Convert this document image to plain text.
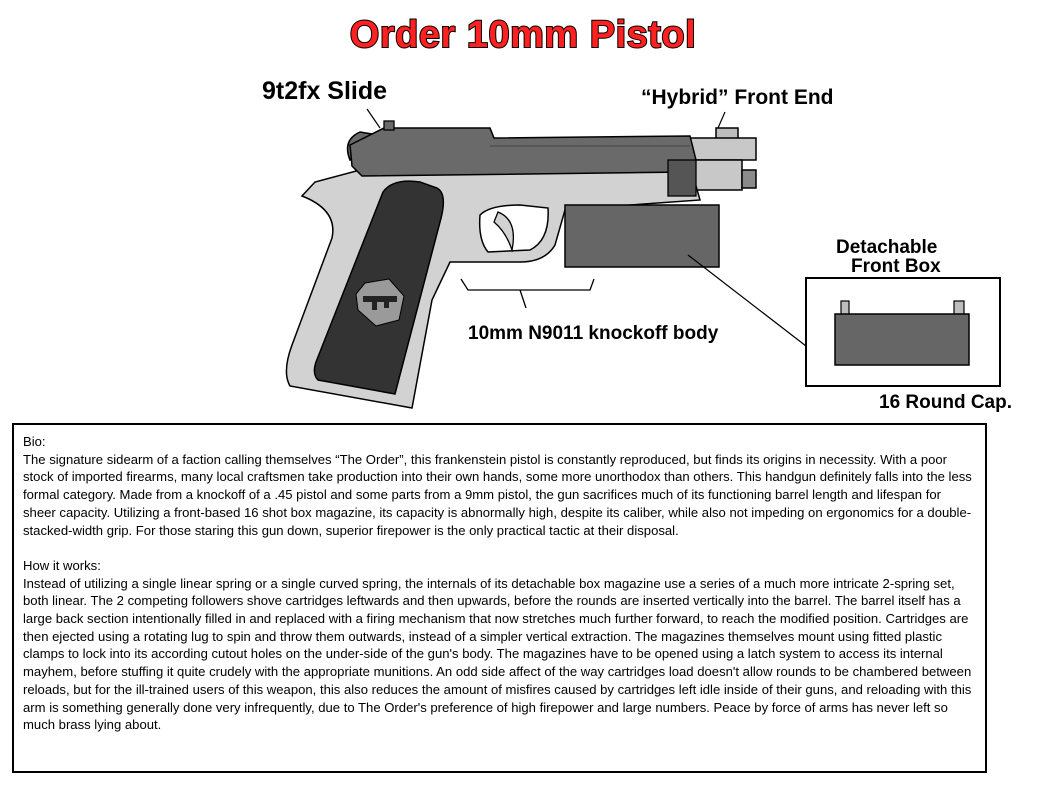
Order 10mm Pistol
9t2fx Slide	“Hybrid” Front End
10mm N9011 knockoff body
Detachable
Front Box
16 Round Cap.

Bio:

The signature sidearm of a faction calling themselves “The Order”, this frankenstein pistol is constantly reproduced, but finds its origins in necessity. With a poor stock of imported firearms, many local craftsmen take production into their own hands, some more unorthodox than others. This handgun definitely falls into the less formal category. Made from a knockoff of a .45 pistol and some parts from a 9mm pistol, the gun sacrifices much of its functioning barrel length and lifespan for sheer capacity. Utilizing a front-based 16 shot box magazine, its capacity is abnormally high, despite its caliber, while also not impeding on ergonomics for a double-stacked-width grip. For those staring this gun down, superior firepower is the only practical tactic at their disposal.

How it works:

Instead of utilizing a single linear spring or a single curved spring, the internals of its detachable box magazine use a series of a much more intricate 2-spring set, both linear. The 2 competing followers shove cartridges leftwards and then upwards, before the rounds are inserted vertically into the barrel. The barrel itself has a large back section intentionally filled in and replaced with a firing mechanism that now stretches much further forward, to reach the modified position. Cartridges are then ejected using a rotating lug to spin and throw them outwards, instead of a simpler vertical extraction. The magazines themselves mount using fitted plastic clamps to lock into its according cutout holes on the under-side of the gun's body. The magazines have to be opened using a latch system to access its internal mayhem, before stuffing it quite crudely with the appropriate munitions. An odd side affect of the way cartridges load doesn't allow rounds to be chambered between reloads, but for the ill-trained users of this weapon, this also reduces the amount of misfires caused by cartridges left idle inside of their guns, and reloading with this arm is something generally done very infrequently, due to The Order's preference of high firepower and large numbers. Peace by force of arms has never left so much brass lying about.
